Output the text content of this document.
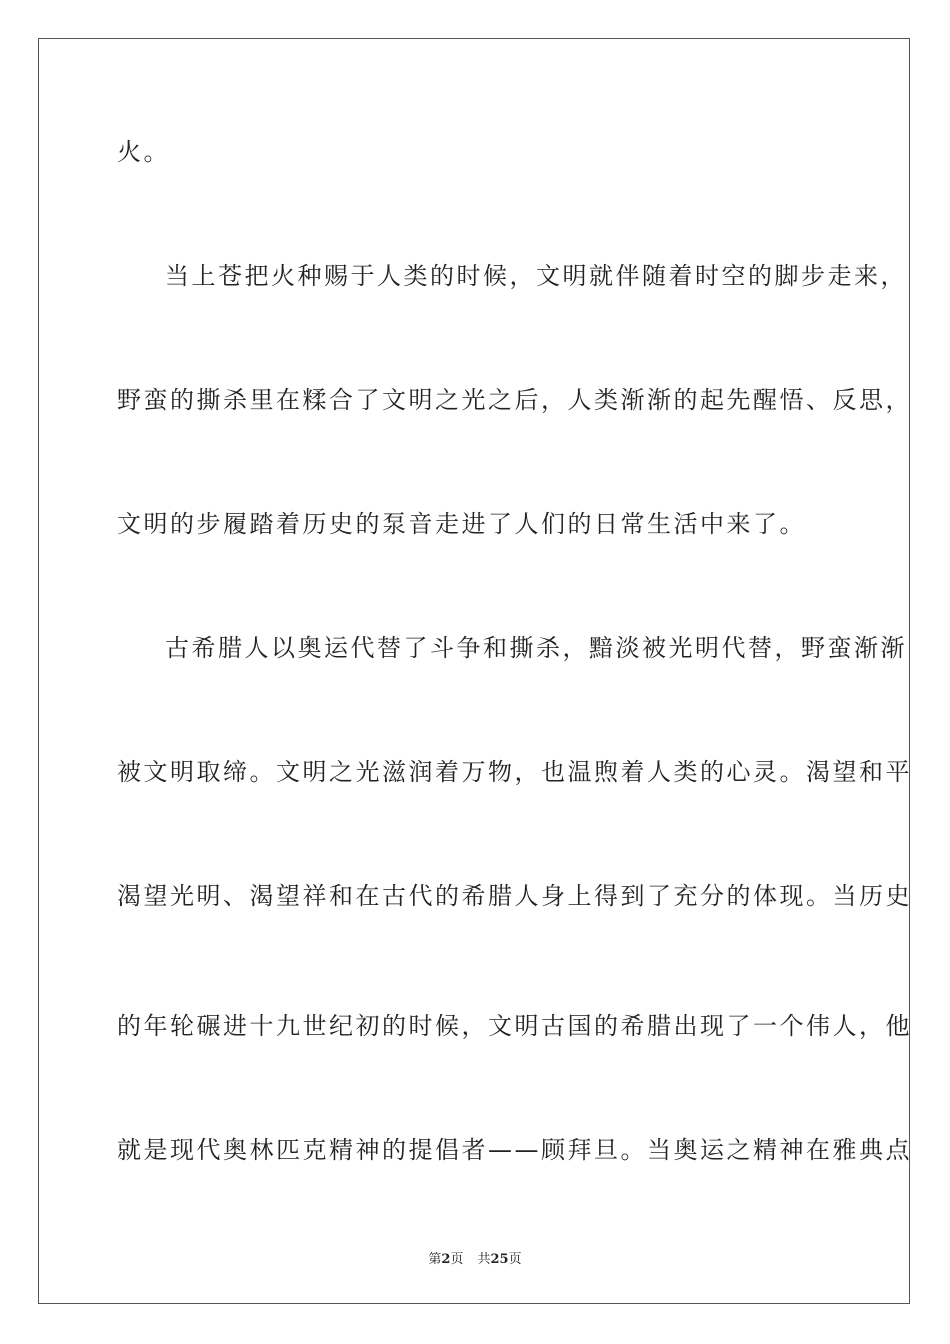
火。
当上苍把火种赐于人类的时候，文明就伴随着时空的脚步走来，
野蛮的撕杀里在糅合了文明之光之后，人类渐渐的起先醒悟、反思，
文明的步履踏着历史的泵音走进了人们的日常生活中来了。
古希腊人以奥运代替了斗争和撕杀，黯淡被光明代替，野蛮渐渐
被文明取缔。文明之光滋润着万物，也温煦着人类的心灵。渴望和平
渴望光明、渴望祥和在古代的希腊人身上得到了充分的体现。当历史
的年轮碾进十九世纪初的时候，文明古国的希腊出现了一个伟人，他
就是现代奥林匹克精神的提倡者——顾拜旦。当奥运之精神在雅典点
第2页 共25页
